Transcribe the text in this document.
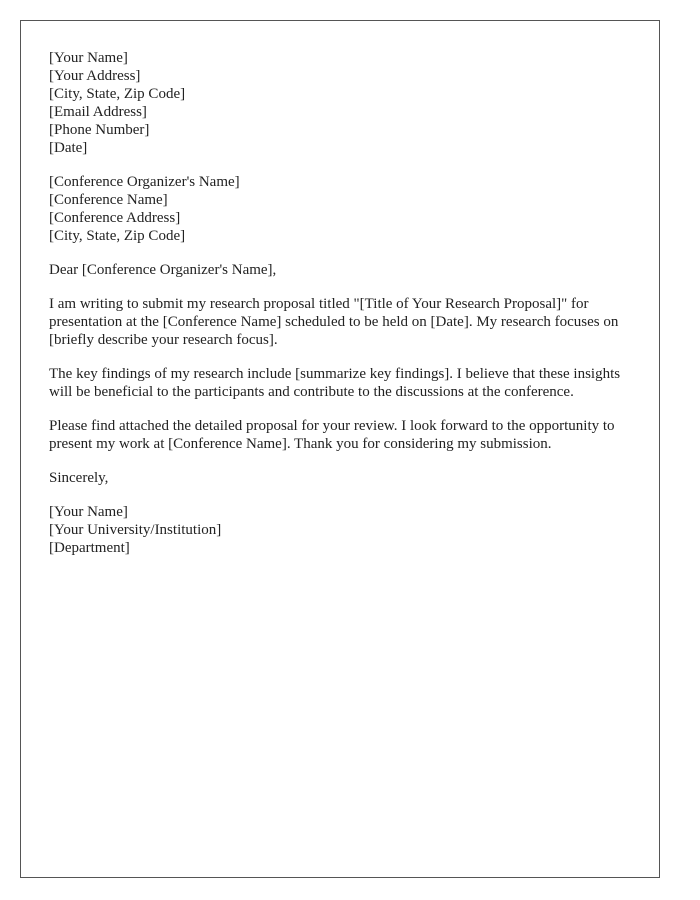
[Your Name]
[Your Address]
[City, State, Zip Code]
[Email Address]
[Phone Number]
[Date]
[Conference Organizer's Name]
[Conference Name]
[Conference Address]
[City, State, Zip Code]

Dear [Conference Organizer's Name],

I am writing to submit my research proposal titled "[Title of Your Research Proposal]" for presentation at the [Conference Name] scheduled to be held on [Date]. My research focuses on [briefly describe your research focus].

The key findings of my research include [summarize key findings]. I believe that these insights will be beneficial to the participants and contribute to the discussions at the conference.

Please find attached the detailed proposal for your review. I look forward to the opportunity to present my work at [Conference Name]. Thank you for considering my submission.

Sincerely,

[Your Name]
[Your University/Institution]
[Department]
